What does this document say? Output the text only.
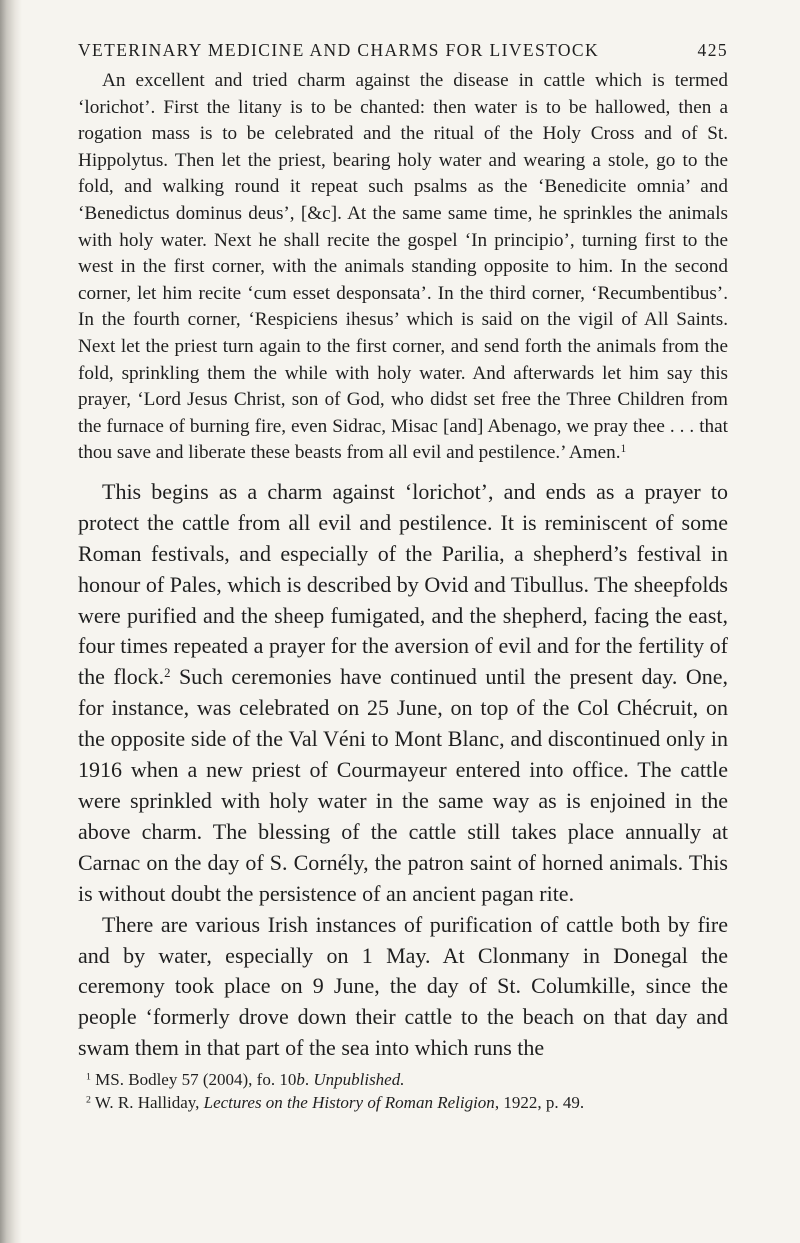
VETERINARY MEDICINE AND CHARMS FOR LIVESTOCK	425

An excellent and tried charm against the disease in cattle which is termed ‘lorichot’. First the litany is to be chanted: then water is to be hallowed, then a rogation mass is to be celebrated and the ritual of the Holy Cross and of St. Hippolytus. Then let the priest, bearing holy water and wearing a stole, go to the fold, and walking round it repeat such psalms as the ‘Benedicite omnia’ and ‘Benedictus dominus deus’, [&c]. At the same same time, he sprinkles the animals with holy water. Next he shall recite the gospel ‘In principio’, turning first to the west in the first corner, with the animals standing opposite to him. In the second corner, let him recite ‘cum esset desponsata’. In the third corner, ‘Recumbentibus’. In the fourth corner, ‘Respiciens ihesus’ which is said on the vigil of All Saints. Next let the priest turn again to the first corner, and send forth the animals from the fold, sprinkling them the while with holy water. And afterwards let him say this prayer, ‘Lord Jesus Christ, son of God, who didst set free the Three Children from the furnace of burning fire, even Sidrac, Misac [and] Abenago, we pray thee . . . that thou save and liberate these beasts from all evil and pestilence.’ Amen.$^1$

This begins as a charm against ‘lorichot’, and ends as a prayer to protect the cattle from all evil and pestilence. It is reminiscent of some Roman festivals, and especially of the Parilia, a shepherd’s festival in honour of Pales, which is described by Ovid and Tibullus. The sheepfolds were purified and the sheep fumigated, and the shepherd, facing the east, four times repeated a prayer for the aversion of evil and for the fertility of the flock.$^2$ Such ceremonies have continued until the present day. One, for instance, was celebrated on 25 June, on top of the Col Chécruit, on the opposite side of the Val Véni to Mont Blanc, and discontinued only in 1916 when a new priest of Courmayeur entered into office. The cattle were sprinkled with holy water in the same way as is enjoined in the above charm. The blessing of the cattle still takes place annually at Carnac on the day of S. Cornély, the patron saint of horned animals. This is without doubt the persistence of an ancient pagan rite.

There are various Irish instances of purification of cattle both by fire and by water, especially on 1 May. At Clonmany in Donegal the ceremony took place on 9 June, the day of St. Columkille, since the people ‘formerly drove down their cattle to the beach on that day and swam them in that part of the sea into which runs the

$^1$ MS. Bodley 57 (2004), fo. 10b. Unpublished.

$^2$ W. R. Halliday, Lectures on the History of Roman Religion, 1922, p. 49.
